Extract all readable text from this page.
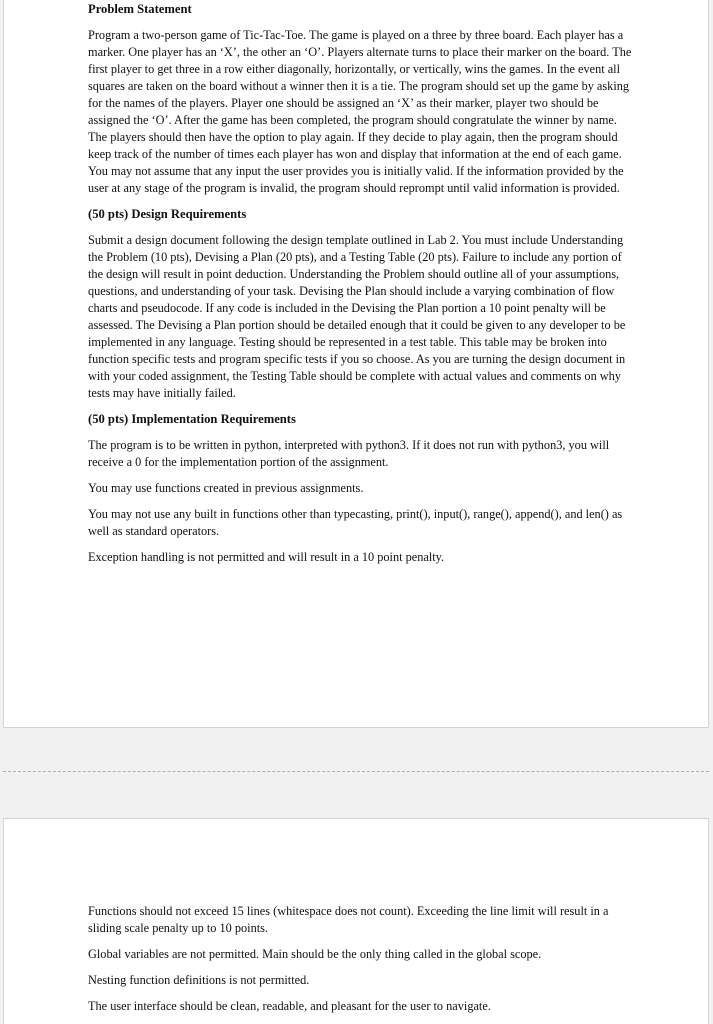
Problem Statement

Program a two-person game of Tic-Tac-Toe. The game is played on a three by three board. Each player has a marker. One player has an ‘X’, the other an ‘O’. Players alternate turns to place their marker on the board. The first player to get three in a row either diagonally, horizontally, or vertically, wins the games. In the event all squares are taken on the board without a winner then it is a tie. The program should set up the game by asking for the names of the players. Player one should be assigned an ‘X’ as their marker, player two should be assigned the ‘O’. After the game has been completed, the program should congratulate the winner by name. The players should then have the option to play again. If they decide to play again, then the program should keep track of the number of times each player has won and display that information at the end of each game. You may not assume that any input the user provides you is initially valid. If the information provided by the user at any stage of the program is invalid, the program should reprompt until valid information is provided.

(50 pts) Design Requirements

Submit a design document following the design template outlined in Lab 2. You must include Understanding the Problem (10 pts), Devising a Plan (20 pts), and a Testing Table (20 pts). Failure to include any portion of the design will result in point deduction. Understanding the Problem should outline all of your assumptions, questions, and understanding of your task. Devising the Plan should include a varying combination of flow charts and pseudocode. If any code is included in the Devising the Plan portion a 10 point penalty will be assessed. The Devising a Plan portion should be detailed enough that it could be given to any developer to be implemented in any language. Testing should be represented in a test table. This table may be broken into function specific tests and program specific tests if you so choose. As you are turning the design document in with your coded assignment, the Testing Table should be complete with actual values and comments on why tests may have initially failed.

(50 pts) Implementation Requirements

The program is to be written in python, interpreted with python3. If it does not run with python3, you will receive a 0 for the implementation portion of the assignment.

You may use functions created in previous assignments.

You may not use any built in functions other than typecasting, print(), input(), range(), append(), and len() as well as standard operators.

Exception handling is not permitted and will result in a 10 point penalty.

Functions should not exceed 15 lines (whitespace does not count). Exceeding the line limit will result in a sliding scale penalty up to 10 points.

Global variables are not permitted. Main should be the only thing called in the global scope.

Nesting function definitions is not permitted.

The user interface should be clean, readable, and pleasant for the user to navigate.
